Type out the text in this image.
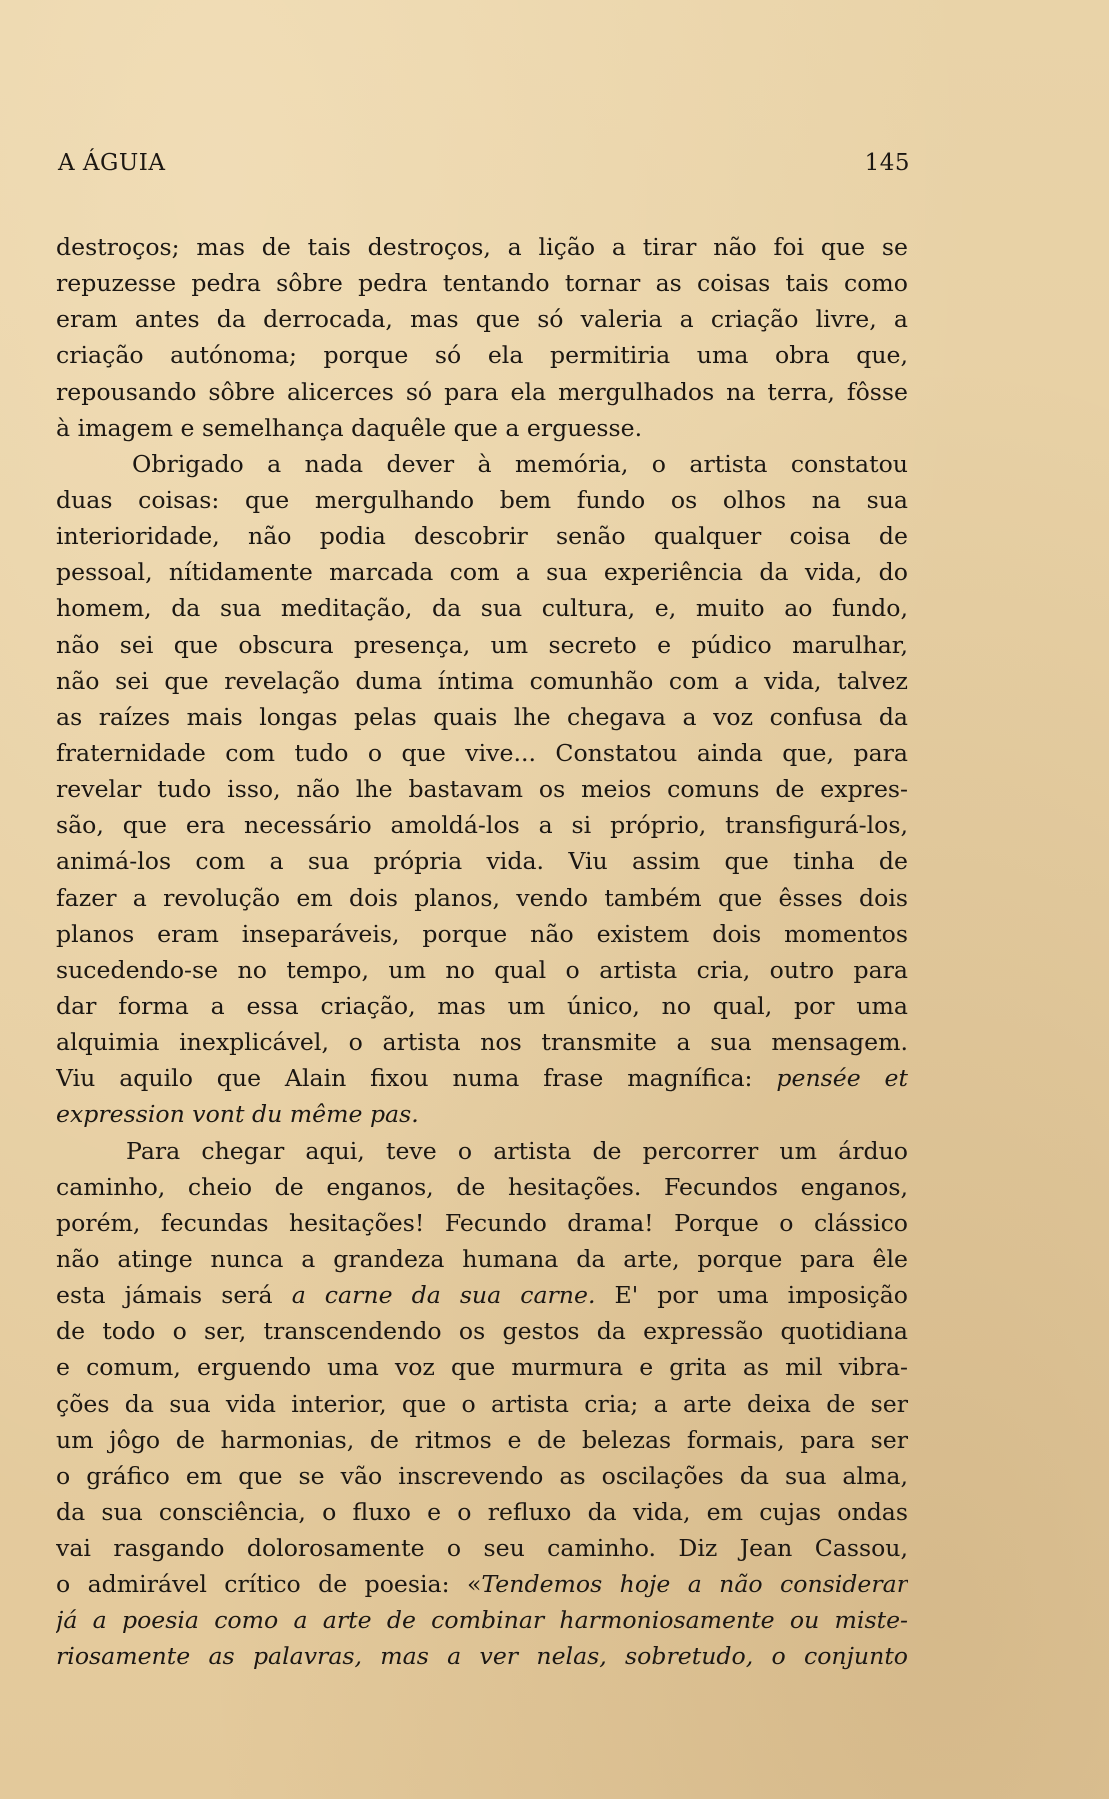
A ÁGUIA	145
destroços; mas de tais destroços, a lição a tirar não foi que se
repuzesse pedra sôbre pedra tentando tornar as coisas tais como
eram antes da derrocada, mas que só valeria a criação livre, a
criação autónoma; porque só ela permitiria uma obra que,
repousando sôbre alicerces só para ela mergulhados na terra, fôsse
à imagem e semelhança daquêle que a erguesse.
Obrigado a nada dever à memória, o artista constatou
duas coisas: que mergulhando bem fundo os olhos na sua
interioridade, não podia descobrir senão qualquer coisa de
pessoal, nítidamente marcada com a sua experiência da vida, do
homem, da sua meditação, da sua cultura, e, muito ao fundo,
não sei que obscura presença, um secreto e púdico marulhar,
não sei que revelação duma íntima comunhão com a vida, talvez
as raízes mais longas pelas quais lhe chegava a voz confusa da
fraternidade com tudo o que vive... Constatou ainda que, para
revelar tudo isso, não lhe bastavam os meios comuns de expres-
são, que era necessário amoldá-los a si próprio, transfigurá-los,
animá-los com a sua própria vida. Viu assim que tinha de
fazer a revolução em dois planos, vendo também que êsses dois
planos eram inseparáveis, porque não existem dois momentos
sucedendo-se no tempo, um no qual o artista cria, outro para
dar forma a essa criação, mas um único, no qual, por uma
alquimia inexplicável, o artista nos transmite a sua mensagem.
Viu aquilo que Alain fixou numa frase magnífica: pensée et
expression vont du même pas.
Para chegar aqui, teve o artista de percorrer um árduo
caminho, cheio de enganos, de hesitações. Fecundos enganos,
porém, fecundas hesitações! Fecundo drama! Porque o clássico
não atinge nunca a grandeza humana da arte, porque para êle
esta jámais será a carne da sua carne. E' por uma imposição
de todo o ser, transcendendo os gestos da expressão quotidiana
e comum, erguendo uma voz que murmura e grita as mil vibra-
ções da sua vida interior, que o artista cria; a arte deixa de ser
um jôgo de harmonias, de ritmos e de belezas formais, para ser
o gráfico em que se vão inscrevendo as oscilações da sua alma,
da sua consciência, o fluxo e o refluxo da vida, em cujas ondas
vai rasgando dolorosamente o seu caminho. Diz Jean Cassou,
o admirável crítico de poesia: «Tendemos hoje a não considerar
já a poesia como a arte de combinar harmoniosamente ou miste-
riosamente as palavras, mas a ver nelas, sobretudo, o conjunto
